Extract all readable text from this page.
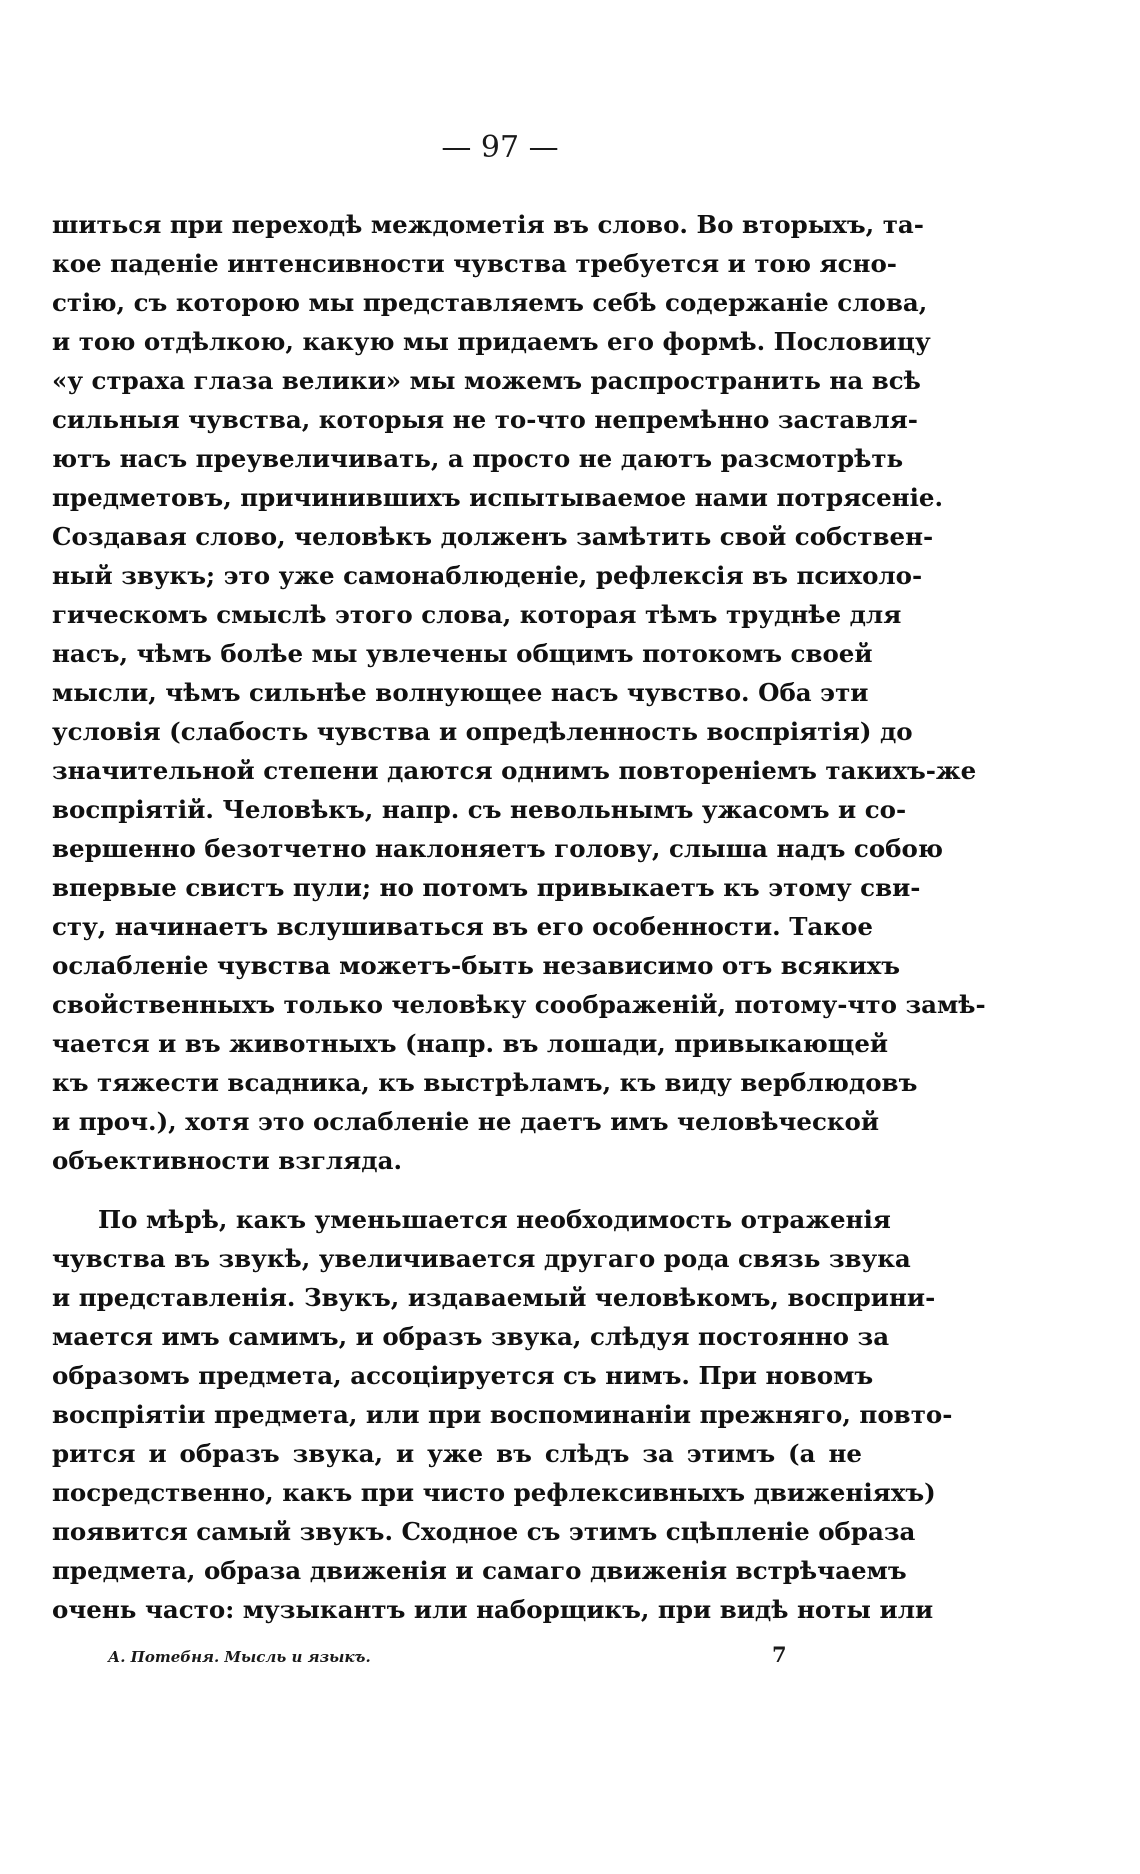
— 97 —
шиться при переходѣ междометія въ слово. Во вторыхъ, та-
кое паденіе интенсивности чувства требуется и тою ясно-
стію, съ которою мы представляемъ себѣ содержаніе слова,
и тою отдѣлкою, какую мы придаемъ его формѣ. Пословицу
«у страха глаза велики» мы можемъ распространить на всѣ
сильныя чувства, которыя не то-что непремѣнно заставля-
ютъ насъ преувеличивать, а просто не даютъ разсмотрѣть
предметовъ, причинившихъ испытываемое нами потрясеніе.
Создавая слово, человѣкъ долженъ замѣтить свой собствен-
ный звукъ; это уже самонаблюденіе, рефлексія въ психоло-
гическомъ смыслѣ этого слова, которая тѣмъ труднѣе для
насъ, чѣмъ болѣе мы увлечены общимъ потокомъ своей
мысли, чѣмъ сильнѣе волнующее насъ чувство. Оба эти
условія (слабость чувства и опредѣленность воспріятія) до
значительной степени даются однимъ повтореніемъ такихъ-же
воспріятій. Человѣкъ, напр. съ невольнымъ ужасомъ и со-
вершенно безотчетно наклоняетъ голову, слыша надъ собою
впервые свистъ пули; но потомъ привыкаетъ къ этому сви-
сту, начинаетъ вслушиваться въ его особенности. Такое
ослабленіе чувства можетъ-быть независимо отъ всякихъ
свойственныхъ только человѣку соображеній, потому-что замѣ-
чается и въ животныхъ (напр. въ лошади, привыкающей
къ тяжести всадника, къ выстрѣламъ, къ виду верблюдовъ
и проч.), хотя это ослабленіе не даетъ имъ человѣческой
объективности взгляда.
По мѣрѣ, какъ уменьшается необходимость отраженія
чувства въ звукѣ, увеличивается другаго рода связь звука
и представленія. Звукъ, издаваемый человѣкомъ, восприни-
мается имъ самимъ, и образъ звука, слѣдуя постоянно за
образомъ предмета, ассоціируется съ нимъ. При новомъ
воспріятіи предмета, или при воспоминаніи прежняго, повто-
рится и образъ звука, и уже въ слѣдъ за этимъ (а не
посредственно, какъ при чисто рефлексивныхъ движеніяхъ)
появится самый звукъ. Сходное съ этимъ сцѣпленіе образа
предмета, образа движенія и самаго движенія встрѣчаемъ
очень часто: музыкантъ или наборщикъ, при видѣ ноты или
А. Потебня. Мысль и языкъ.	7
